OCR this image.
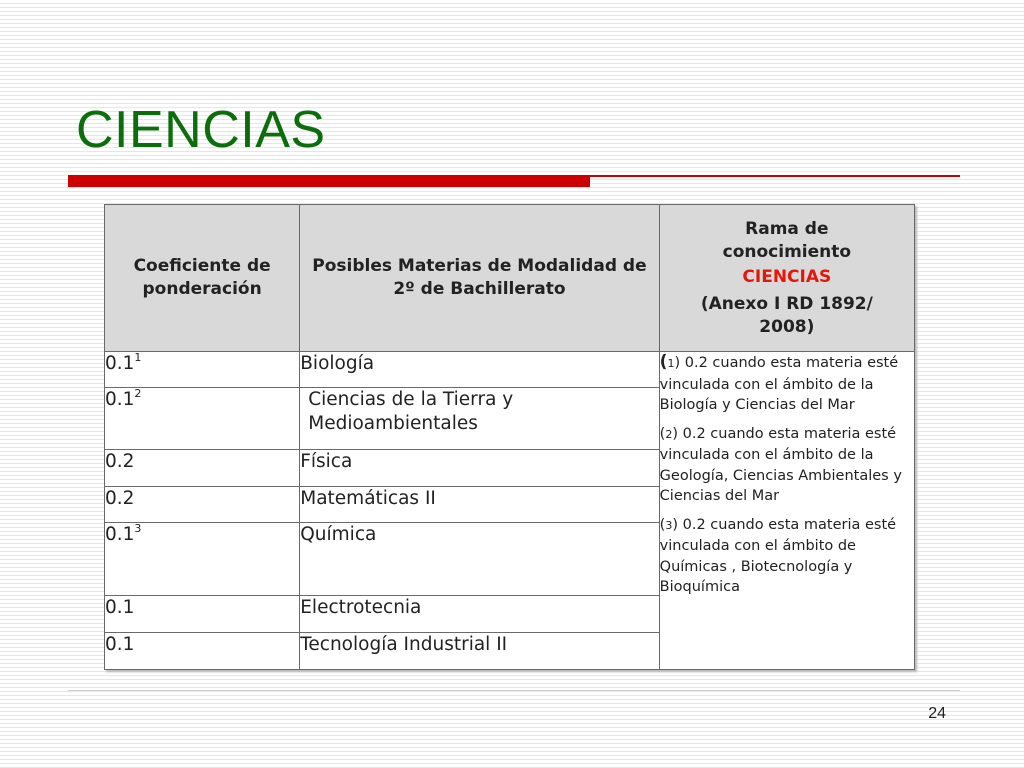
CIENCIAS
Coeficiente de ponderación	Posibles Materias de Modalidad de 2º de Bachillerato	Rama de
conocimiento
CIENCIAS
(Anexo I RD 1892/
2008)

$0.1^1$	Biología	(1) 0.2 cuando esta materia esté vinculada con el ámbito de la Biología y Ciencias del Mar
(2) 0.2 cuando esta materia esté vinculada con el ámbito de la Geología, Ciencias Ambientales y Ciencias del Mar
(3) 0.2 cuando esta materia esté vinculada con el ámbito de Químicas , Biotecnología y Bioquímica

$0.1^2$	Ciencias de la Tierra y
Medioambientales	

0.2	Física	
0.2	Matemáticas II	
$0.1^3$	Química	
0.1	Electrotecnia	
0.1	Tecnología Industrial II	
24
